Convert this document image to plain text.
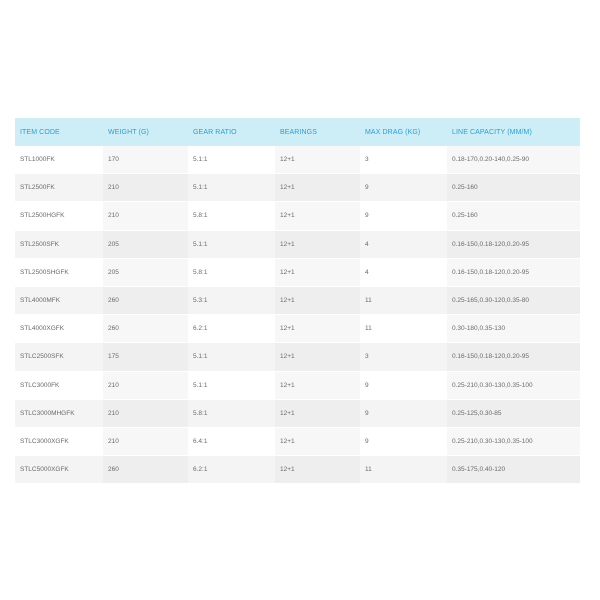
ITEM CODE	WEIGHT (G)	GEAR RATIO	BEARINGS	MAX DRAG (KG)	LINE CAPACITY (MM/M)
STL1000FK	170	5.1:1	12+1	3	0.18-170,0.20-140,0.25-90
STL2500FK	210	5.1:1	12+1	9	0.25-160
STL2500HGFK	210	5.8:1	12+1	9	0.25-160
STL2500SFK	205	5.1:1	12+1	4	0.16-150,0.18-120,0.20-95
STL2500SHGFK	205	5.8:1	12+1	4	0.16-150,0.18-120,0.20-95
STL4000MFK	260	5.3:1	12+1	11	0.25-165,0.30-120,0.35-80
STL4000XGFK	260	6.2:1	12+1	11	0.30-180,0.35-130
STLC2500SFK	175	5.1:1	12+1	3	0.16-150,0.18-120,0.20-95
STLC3000FK	210	5.1:1	12+1	9	0.25-210,0.30-130,0.35-100
STLC3000MHGFK	210	5.8:1	12+1	9	0.25-125,0.30-85
STLC3000XGFK	210	6.4:1	12+1	9	0.25-210,0.30-130,0.35-100
STLC5000XGFK	260	6.2:1	12+1	11	0.35-175,0.40-120
